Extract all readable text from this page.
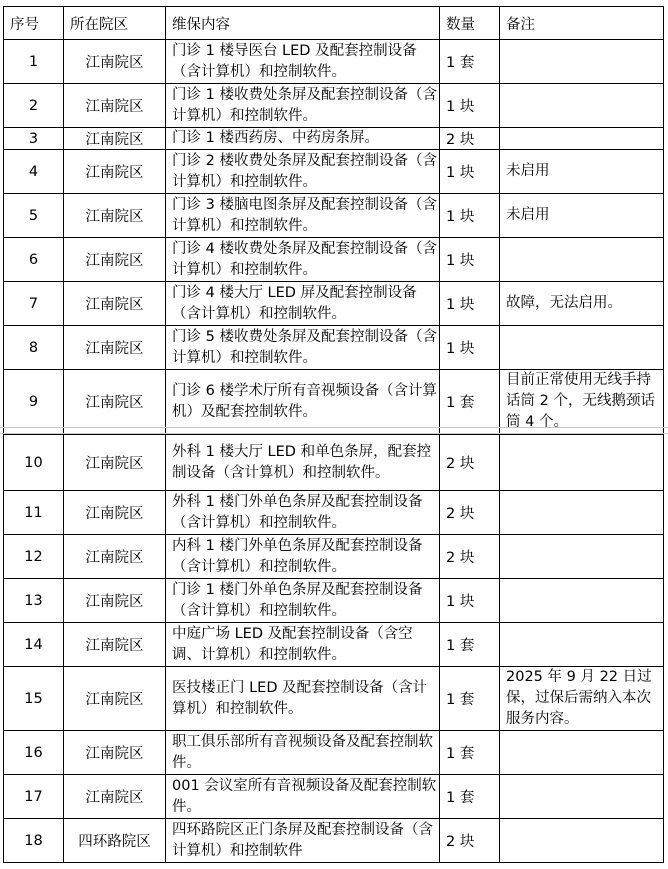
序号	所在院区	维保内容	数量	备注
1	江南院区	门诊 1 楼导医台 LED 及配套控制设备（含计算机）和控制软件。	1 套	
2	江南院区	门诊 1 楼收费处条屏及配套控制设备（含计算机）和控制软件。	1 块	
3	江南院区	门诊 1 楼西药房、中药房条屏。	2 块	
4	江南院区	门诊 2 楼收费处条屏及配套控制设备（含计算机）和控制软件。	1 块	未启用
5	江南院区	门诊 3 楼脑电图条屏及配套控制设备（含计算机）和控制软件。	1 块	未启用
6	江南院区	门诊 4 楼收费处条屏及配套控制设备（含计算机）和控制软件。	1 块	
7	江南院区	门诊 4 楼大厅 LED 屏及配套控制设备（含计算机）和控制软件。	1 块	故障，无法启用。
8	江南院区	门诊 5 楼收费处条屏及配套控制设备（含计算机）和控制软件。	1 块	
9	江南院区	门诊 6 楼学术厅所有音视频设备（含计算机）及配套控制软件。	1 套	目前正常使用无线手持话筒 2 个，无线鹅颈话筒 4 个。
10	江南院区	外科 1 楼大厅 LED 和单色条屏，配套控制设备（含计算机）和控制软件。	2 块	
11	江南院区	外科 1 楼门外单色条屏及配套控制设备（含计算机）和控制软件。	2 块	
12	江南院区	内科 1 楼门外单色条屏及配套控制设备（含计算机）和控制软件。	2 块	
13	江南院区	门诊 1 楼门外单色条屏及配套控制设备（含计算机）和控制软件。	1 块	
14	江南院区	中庭广场 LED 及配套控制设备（含空调、计算机）和控制软件。	1 套	
15	江南院区	医技楼正门 LED 及配套控制设备（含计算机）和控制软件。	1 套	2025 年 9 月 22 日过保，过保后需纳入本次服务内容。
16	江南院区	职工俱乐部所有音视频设备及配套控制软件。	1 套	
17	江南院区	001 会议室所有音视频设备及配套控制软件。	1 套	
18	四环路院区	四环路院区正门条屏及配套控制设备（含计算机）和控制软件	2 块	
